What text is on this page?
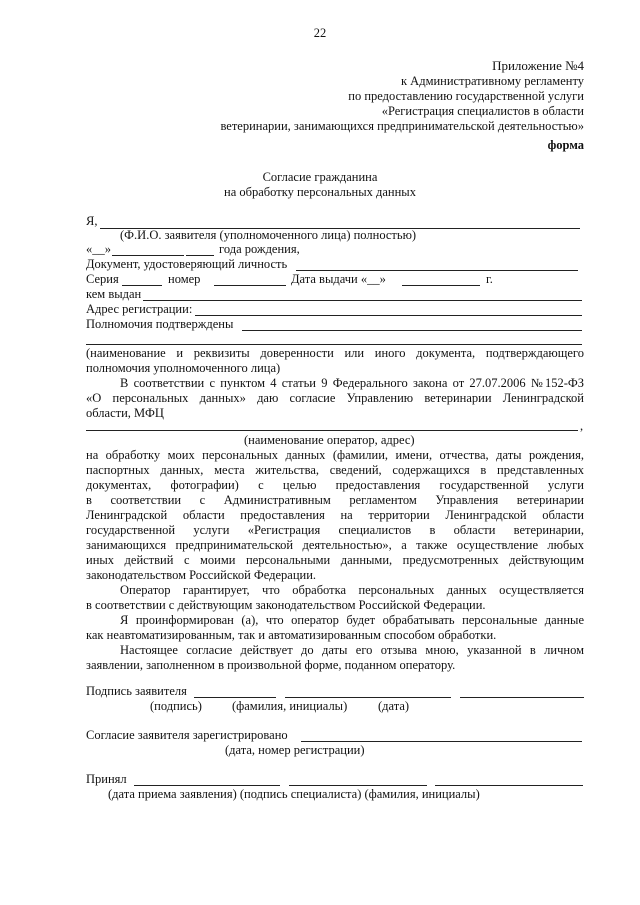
22
Приложение №4
к Административному регламенту
по предоставлению государственной услуги
«Регистрация специалистов в области
ветеринарии, занимающихся предпринимательской деятельностью»
форма
Согласие гражданина
на обработку персональных данных
Я,
(Ф.И.О. заявителя (уполномоченного лица) полностью)
«__»	года рождения,
Документ, удостоверяющий личность
Серия	номер	Дата выдачи «__»	г.
кем выдан
Адрес регистрации:
Полномочия подтверждены
(наименование и реквизиты доверенности или иного документа, подтверждающего
полномочия уполномоченного лица)
В соответствии с пунктом 4 статьи 9 Федерального закона от 27.07.2006 №152-ФЗ
«О персональных данных» даю согласие Управлению ветеринарии Ленинградской
области, МФЦ
,
(наименование оператор, адрес)
на обработку моих персональных данных (фамилии, имени, отчества, даты рождения,
паспортных данных, места жительства, сведений, содержащихся в представленных
документах, фотографии) с целью предоставления государственной услуги
в соответствии с Административным регламентом Управления ветеринарии
Ленинградской области предоставления на территории Ленинградской области
государственной услуги «Регистрация специалистов в области ветеринарии,
занимающихся предпринимательской деятельностью», а также осуществление любых
иных действий с моими персональными данными, предусмотренных действующим
законодательством Российской Федерации.
Оператор гарантирует, что обработка персональных данных осуществляется
в соответствии с действующим законодательством Российской Федерации.
Я проинформирован (а), что оператор будет обрабатывать персональные данные
как неавтоматизированным, так и автоматизированным способом обработки.
Настоящее согласие действует до даты его отзыва мною, указанной в личном
заявлении, заполненном в произвольной форме, поданном оператору.
Подпись заявителя
(подпись) (фамилия, инициалы) (дата)
Согласие заявителя зарегистрировано
(дата, номер регистрации)
Принял
(дата приема заявления) (подпись специалиста) (фамилия, инициалы)
